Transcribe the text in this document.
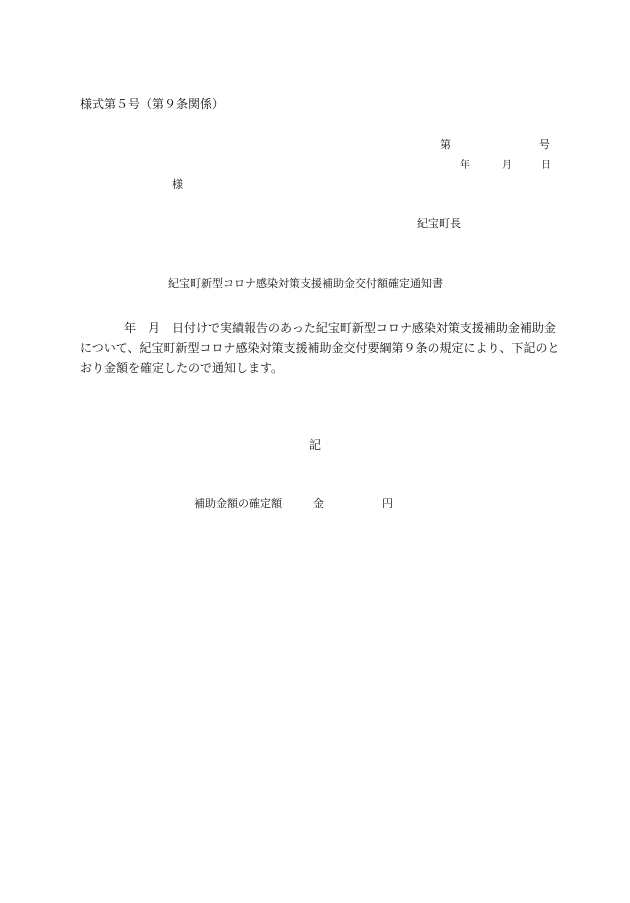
様式第５号（第９条関係）
第	号
年	月	日
様
紀宝町長
紀宝町新型コロナ感染対策支援補助金交付額確定通知書
年　月　日付けで実績報告のあった紀宝町新型コロナ感染対策支援補助金補助金
について、紀宝町新型コロナ感染対策支援補助金交付要綱第９条の規定により、下記のと
おり金額を確定したので通知します。
記
補助金額の確定額	金	円
